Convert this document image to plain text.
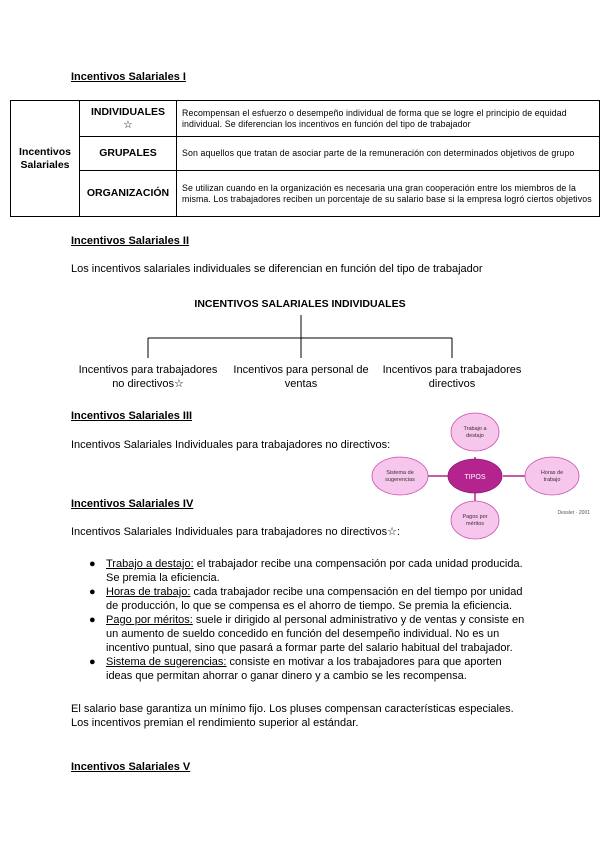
Incentivos Salariales I
Incentivos Salariales	INDIVIDUALES ☆	Recompensan el esfuerzo o desempeño individual de forma que se logre el principio de equidad individual. Se diferencian los incentivos en función del tipo de trabajador
	GRUPALES	Son aquellos que tratan de asociar parte de la remuneración con determinados objetivos de grupo
	ORGANIZACIÓN	Se utilizan cuando en la organización es necesaria una gran cooperación entre los miembros de la misma. Los trabajadores reciben un porcentaje de su salario base si la empresa logró ciertos objetivos
Incentivos Salariales II
Los incentivos salariales individuales se diferencian en función del tipo de trabajador
INCENTIVOS SALARIALES INDIVIDUALES
Incentivos para trabajadores no directivos☆
Incentivos para personal de ventas
Incentivos para trabajadores directivos
Incentivos Salariales III
Incentivos Salariales Individuales para trabajadores no directivos:
TIPOS
Trabajo a destajo
Sistema de sugerencias
Horas de trabajo
Pagos por méritos
Dessler · 2001
Incentivos Salariales IV
Incentivos Salariales Individuales para trabajadores no directivos☆:
● Trabajo a destajo: el trabajador recibe una compensación por cada unidad producida. Se premia la eficiencia.
● Horas de trabajo: cada trabajador recibe una compensación en del tiempo por unidad de producción, lo que se compensa es el ahorro de tiempo. Se premia la eficiencia.
● Pago por méritos: suele ir dirigido al personal administrativo y de ventas y consiste en un aumento de sueldo concedido en función del desempeño individual. No es un incentivo puntual, sino que pasará a formar parte del salario habitual del trabajador.
● Sistema de sugerencias: consiste en motivar a los trabajadores para que aporten ideas que permitan ahorrar o ganar dinero y a cambio se les recompensa.
El salario base garantiza un mínimo fijo. Los pluses compensan características especiales. Los incentivos premian el rendimiento superior al estándar.
Incentivos Salariales V
